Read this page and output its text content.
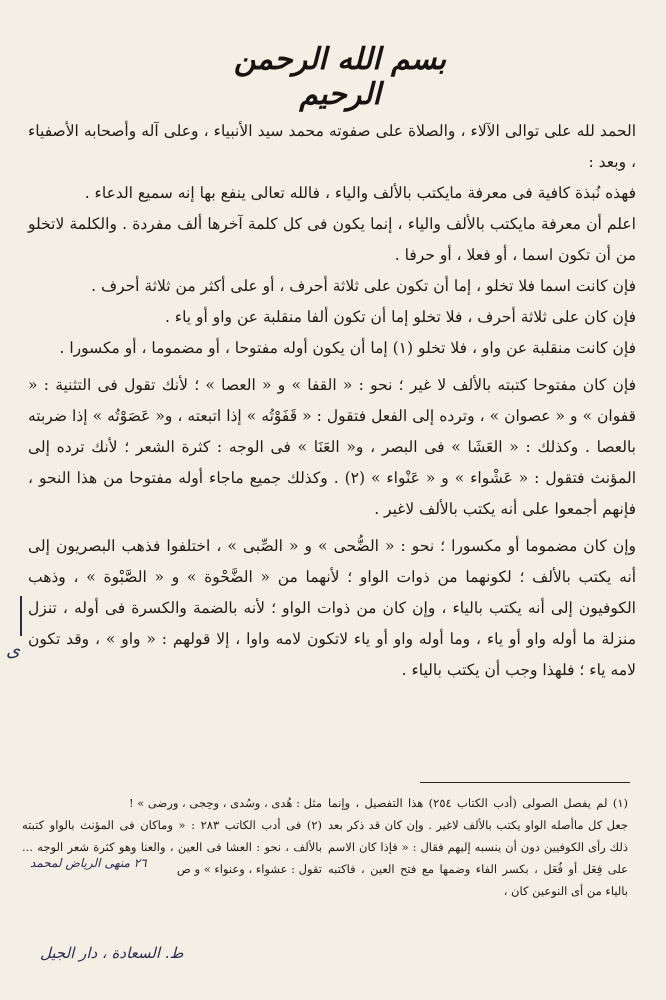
بسم الله الرحمن الرحيم

الحمد لله على توالى الآلاء ، والصلاة على صفوته محمد سيد الأنبياء ، وعلى آله وأصحابه الأصفياء ، وبعد :

فهذه نُبذة كافية فى معرفة مايكتب بالألف والياء ، فالله تعالى ينفع بها إنه سميع الدعاء .

اعلم أن معرفة مايكتب بالألف والياء ، إنما يكون فى كل كلمة آخرها ألف مفردة . والكلمة لاتخلو من أن تكون اسما ، أو فعلا ، أو حرفا .

فإن كانت اسما فلا تخلو ، إما أن تكون على ثلاثة أحرف ، أو على أكثر من ثلاثة أحرف .

فإن كان على ثلاثة أحرف ، فلا تخلو إما أن تكون ألفا منقلبة عن واو أو ياء .

فإن كانت منقلبة عن واو ، فلا تخلو (١) إما أن يكون أوله مفتوحا ، أو مضموما ، أو مكسورا .

فإن كان مفتوحا كتبته بالألف لا غير ؛ نحو : « القفا » و « العصا » ؛ لأنك تقول فى التثنية : « قفوان » و « عصوان » ، وترده إلى الفعل فتقول : « قَفَوْتُه » إذا اتبعته ، و« عَصَوْتُه » إذا ضربته بالعصا . وكذلك : « العَشَا » فى البصر ، و« العَنَا » فى الوجه : كثرة الشعر ؛ لأنك ترده إلى المؤنث فتقول : « عَشْواء » و « عَنْواء » (٢) . وكذلك جميع ماجاء أوله مفتوحا من هذا النحو ، فإنهم أجمعوا على أنه يكتب بالألف لاغير .

وإن كان مضموما أو مكسورا ؛ نحو : « الضُّحى » و « الصِّبى » ، اختلفوا فذهب البصريون إلى أنه يكتب بالألف ؛ لكونهما من ذوات الواو ؛ لأنهما من « الضَّحْوة » و « الصَّبْوة » ، وذهب الكوفيون إلى أنه يكتب بالياء ، وإن كان من ذوات الواو ؛ لأنه بالضمة والكسرة فى أوله ، تنزل منزلة ما أوله واو أو ياء ، وما أوله واو أو ياء لاتكون لامه واوا ، إلا قولهم : « واو » ، وقد تكون لامه ياء ؛ فلهذا وجب أن يكتب بالياء .

ى

(١) لم يفصل الصولى (أدب الكتاب ٢٥٤) هذا التفصيل ، وإنما جعل كل ماأصله الواو يكتب بالألف لاغير . وإن كان قد ذكر بعد ذلك رأى الكوفيين دون أن ينسبه إليهم فقال : « فإذا كان الاسم على فِعَل أو فُعَل ، بكسر الفاء وضمها مع فتح العين ، فاكتبه بالياء من أى النوعين كان ،

مثل : هُدى ، وسُدى ، وحِجى ، ورضى » !

(٢) فى أدب الكاتب ٢٨٣ : « وماكان فى المؤنث بالواو كتبته بالألف ، نحو : العشا فى العين ، والعنا وهو كثرة شعر الوجه ... تقول : عشواء ، وعنواء » و ص

٢٦ منهى الرياض لمحمد
ط. السعادة ، دار الجيل
